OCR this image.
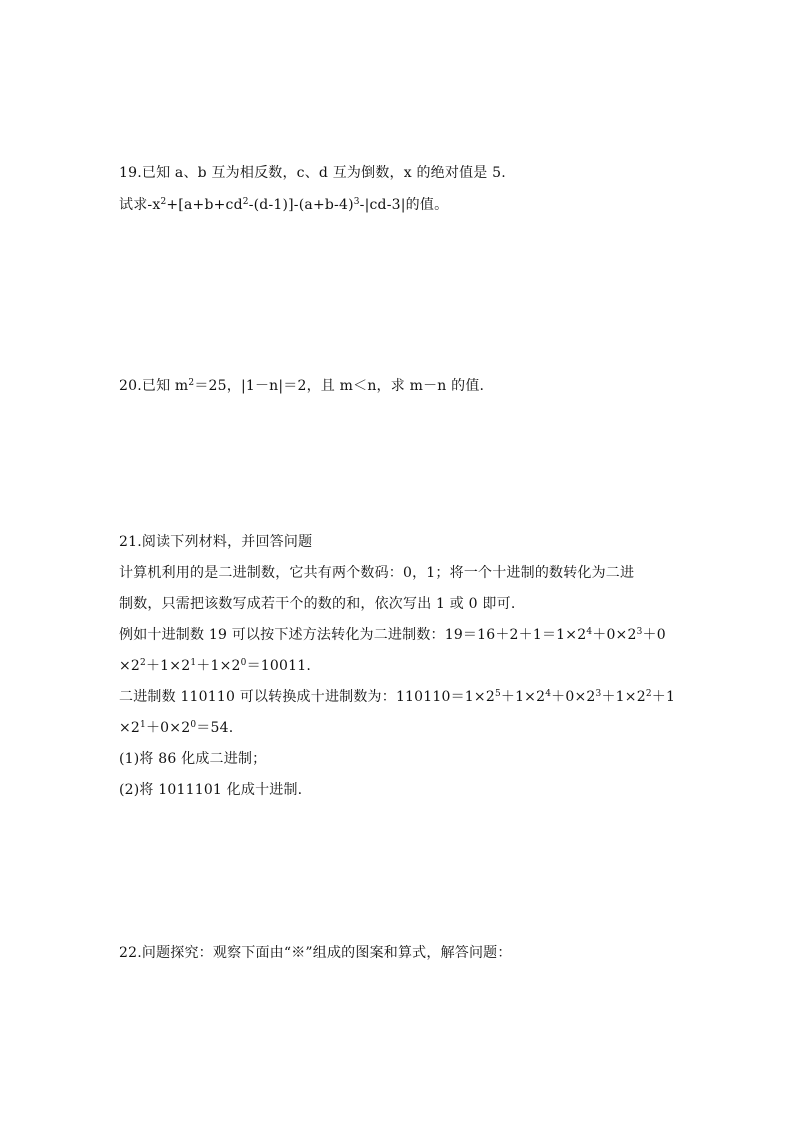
19.已知 a、b 互为相反数，c、d 互为倒数，x 的绝对值是 5.
试求$-x^2+[a+b+cd^2-(d-1)]-(a+b-4)^3-|cd-3|$的值。
20.已知 $m^2=25$，|1－n|＝2，且 m＜n，求 m－n 的值.
21.阅读下列材料，并回答问题
计算机利用的是二进制数，它共有两个数码：0，1；将一个十进制的数转化为二进
制数，只需把该数写成若干个的数的和，依次写出 1 或 0 即可.
例如十进制数 19 可以按下述方法转化为二进制数：$19=16+2+1=1\times 2^4+0\times 2^3+0$
$\times 2^2+1\times 2^1+1\times 2^0=10011$.
二进制数 110110 可以转换成十进制数为：$110110=1\times 2^5+1\times 2^4+0\times 2^3+1\times 2^2+1$
$\times 2^1+0\times 2^0=54$.
(1)将 86 化成二进制；
(2)将 1011101 化成十进制.
22.问题探究：观察下面由“※”组成的图案和算式，解答问题：
